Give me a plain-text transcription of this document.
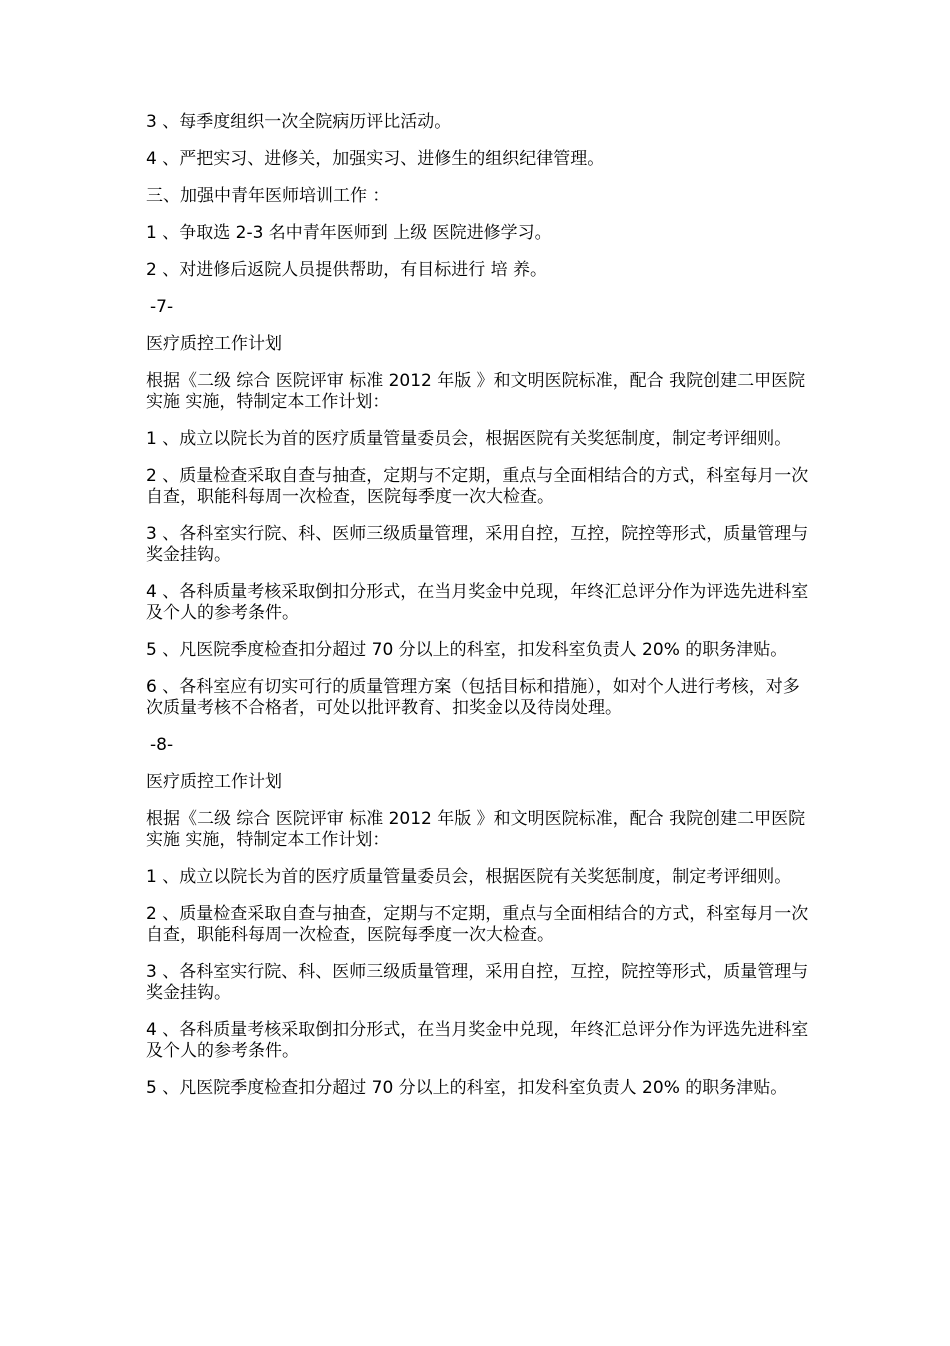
3 、每季度组织一次全院病历评比活动。

4 、严把实习、进修关，加强实习、进修生的组织纪律管理。

三、加强中青年医师培训工作 ：

1 、争取选 2-3 名中青年医师到 上级 医院进修学习。

2 、对进修后返院人员提供帮助，有目标进行 培 养。

-7-

医疗质控工作计划

根据《二级 综合 医院评审 标准 2012 年版 》和文明医院标准，配合 我院创建二甲医院实施 实施，特制定本工作计划：

1 、成立以院长为首的医疗质量管量委员会，根据医院有关奖惩制度，制定考评细则。

2 、质量检查采取自查与抽查，定期与不定期，重点与全面相结合的方式，科室每月一次自查，职能科每周一次检查，医院每季度一次大检查。

3 、各科室实行院、科、医师三级质量管理，采用自控，互控，院控等形式，质量管理与奖金挂钩。

4 、各科质量考核采取倒扣分形式，在当月奖金中兑现，年终汇总评分作为评选先进科室及个人的参考条件。

5 、凡医院季度检查扣分超过 70 分以上的科室，扣发科室负责人 20% 的职务津贴。

6 、各科室应有切实可行的质量管理方案（包括目标和措施），如对个人进行考核，对多次质量考核不合格者，可处以批评教育、扣奖金以及待岗处理。

-8-

医疗质控工作计划

根据《二级 综合 医院评审 标准 2012 年版 》和文明医院标准，配合 我院创建二甲医院实施 实施，特制定本工作计划：

1 、成立以院长为首的医疗质量管量委员会，根据医院有关奖惩制度，制定考评细则。

2 、质量检查采取自查与抽查，定期与不定期，重点与全面相结合的方式，科室每月一次自查，职能科每周一次检查，医院每季度一次大检查。

3 、各科室实行院、科、医师三级质量管理，采用自控，互控，院控等形式，质量管理与奖金挂钩。

4 、各科质量考核采取倒扣分形式，在当月奖金中兑现，年终汇总评分作为评选先进科室及个人的参考条件。

5 、凡医院季度检查扣分超过 70 分以上的科室，扣发科室负责人 20% 的职务津贴。
